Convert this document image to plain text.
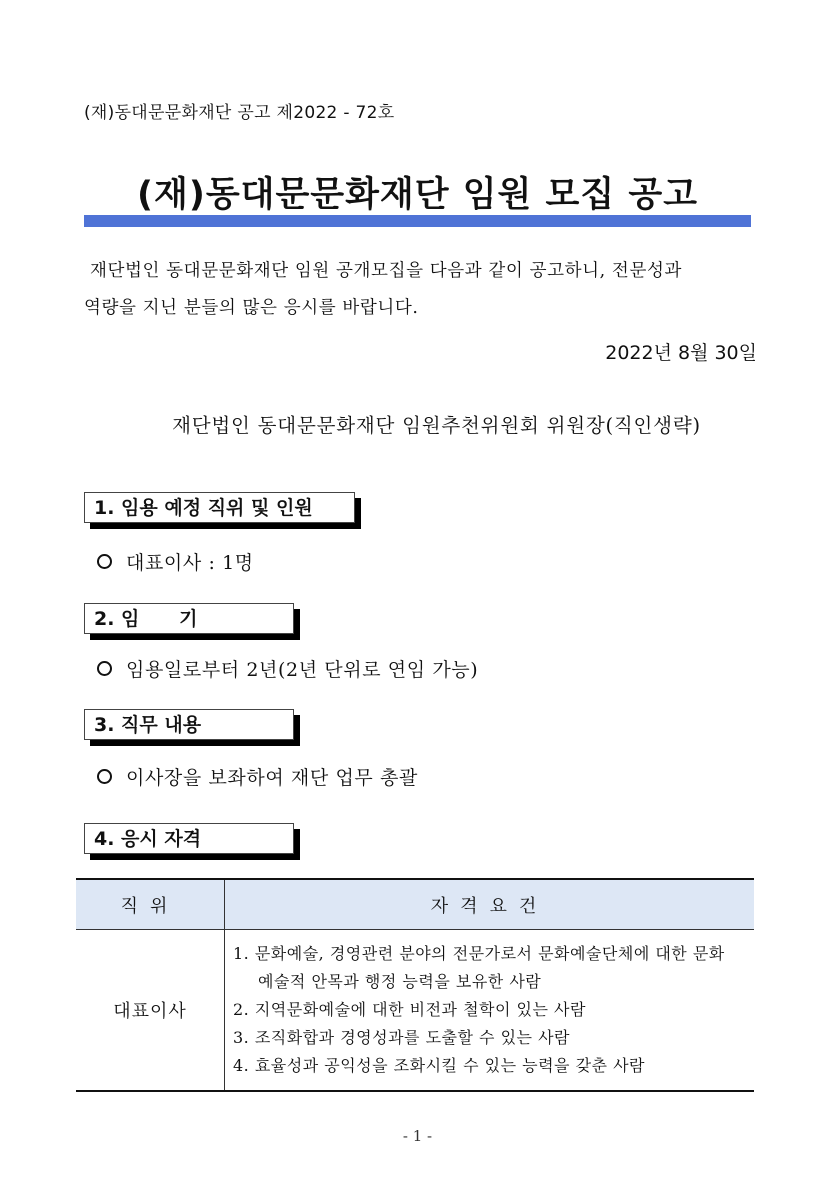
(재)동대문문화재단 공고 제2022 - 72호
(재)동대문문화재단 임원 모집 공고
재단법인 동대문문화재단 임원 공개모집을 다음과 같이 공고하니, 전문성과
역량을 지닌 분들의 많은 응시를 바랍니다.
2022년 8월 30일
재단법인 동대문문화재단 임원추천위원회 위원장(직인생략)
1. 임용 예정 직위 및 인원
대표이사 : 1명
2. 임      기
임용일로부터 2년(2년 단위로 연임 가능)
3. 직무 내용
이사장을 보좌하여 재단 업무 총괄
4. 응시 자격
직위	자격요건
대표이사	1. 문화예술, 경영관련 분야의 전문가로서 문화예술단체에 대한 문화
예술적 안목과 행정 능력을 보유한 사람
2. 지역문화예술에 대한 비전과 철학이 있는 사람
3. 조직화합과 경영성과를 도출할 수 있는 사람
4. 효율성과 공익성을 조화시킬 수 있는 능력을 갖춘 사람
- 1 -
